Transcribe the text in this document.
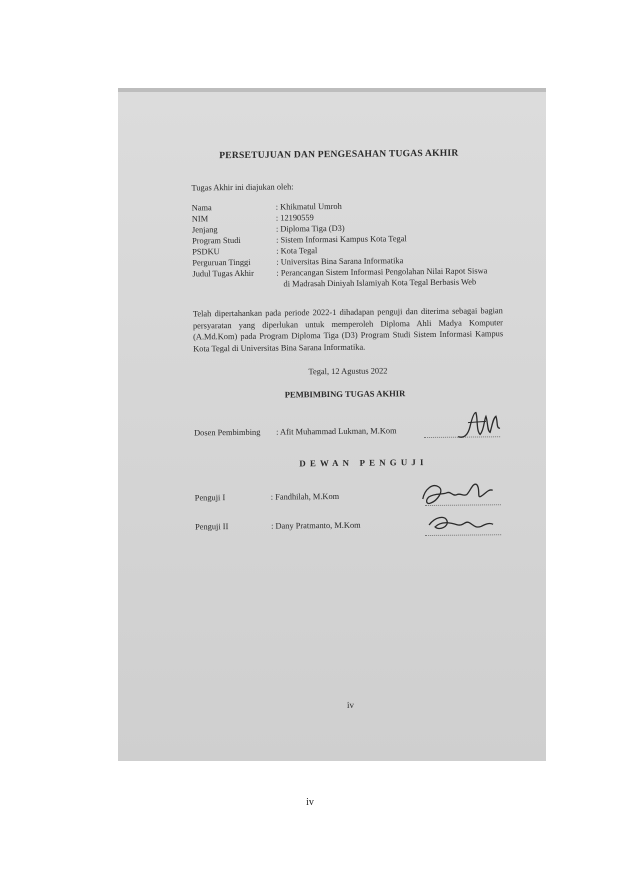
PERSETUJUAN DAN PENGESAHAN TUGAS AKHIR
Tugas Akhir ini diajukan oleh:
Nama	: Khikmatul Umroh
NIM	: 12190559
Jenjang	: Diploma Tiga (D3)
Program Studi	: Sistem Informasi Kampus Kota Tegal
PSDKU	: Kota Tegal
Perguruan Tinggi	: Universitas Bina Sarana Informatika
Judul Tugas Akhir	: Perancangan Sistem Informasi Pengolahan Nilai Rapot Siswa
di Madrasah Diniyah Islamiyah Kota Tegal Berbasis Web
Telah dipertahankan pada periode 2022-1 dihadapan penguji dan diterima sebagai bagian persyaratan yang diperlukan untuk memperoleh Diploma Ahli Madya Komputer (A.Md.Kom) pada Program Diploma Tiga (D3) Program Studi Sistem Informasi Kampus Kota Tegal di Universitas Bina Sarana Informatika.
Tegal, 12 Agustus 2022
PEMBIMBING TUGAS AKHIR
Dosen Pembimbing : Afit Muhammad Lukman, M.Kom
DEWAN PENGUJI
Penguji I	: Fandhilah, M.Kom
Penguji II	: Dany Pratmanto, M.Kom
iv
iv
